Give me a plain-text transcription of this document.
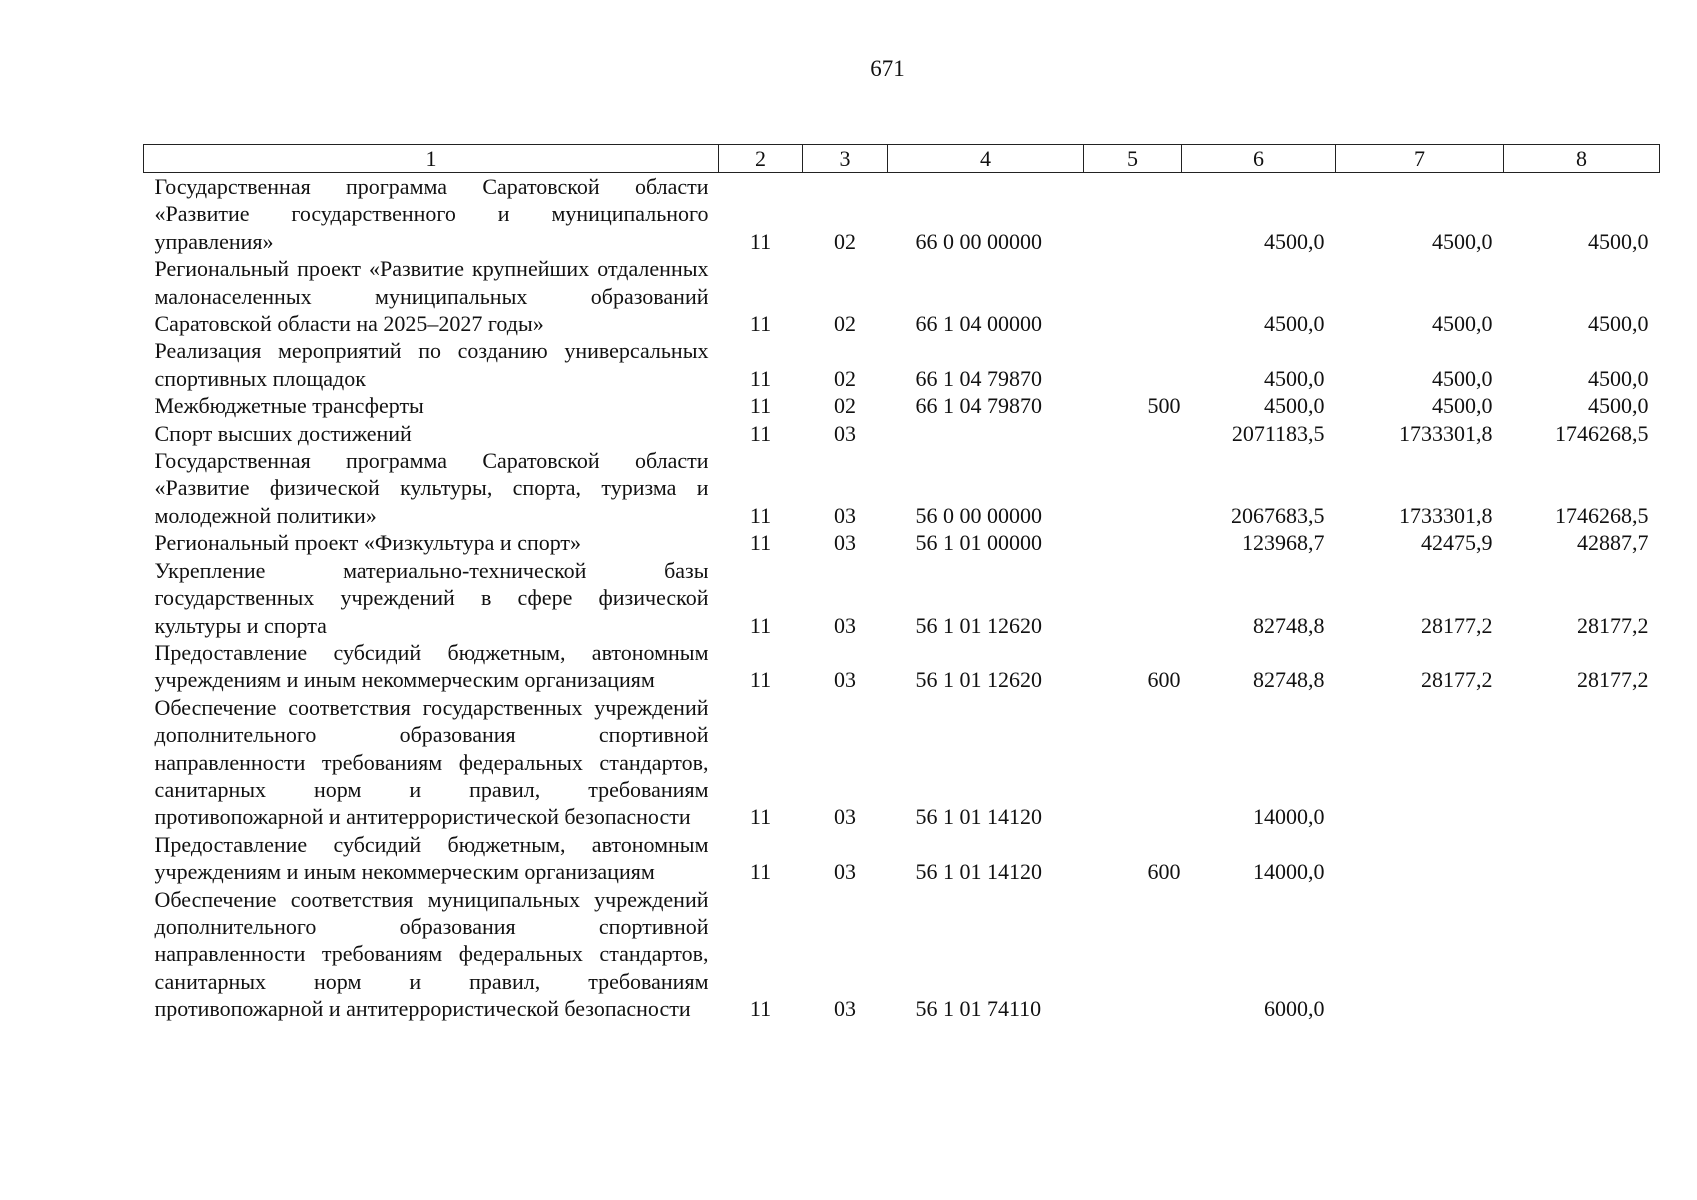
671
1	2	3	4	5	6	7	8
Государственная программа Саратовской области «Развитие государственного и муниципального управления»	11	02	66 0 00 00000		4500,0	4500,0	4500,0
Региональный проект «Развитие крупнейших отдаленных малонаселенных муниципальных образований Саратовской области на 2025–2027 годы»	11	02	66 1 04 00000		4500,0	4500,0	4500,0
Реализация мероприятий по созданию универсальных спортивных площадок	11	02	66 1 04 79870		4500,0	4500,0	4500,0
Межбюджетные трансферты	11	02	66 1 04 79870	500	4500,0	4500,0	4500,0
Спорт высших достижений	11	03			2071183,5	1733301,8	1746268,5
Государственная программа Саратовской области «Развитие физической культуры, спорта, туризма и молодежной политики»	11	03	56 0 00 00000		2067683,5	1733301,8	1746268,5
Региональный проект «Физкультура и спорт»	11	03	56 1 01 00000		123968,7	42475,9	42887,7
Укрепление материально-технической базы государственных учреждений в сфере физической культуры и спорта	11	03	56 1 01 12620		82748,8	28177,2	28177,2
Предоставление субсидий бюджетным, автономным учреждениям и иным некоммерческим организациям	11	03	56 1 01 12620	600	82748,8	28177,2	28177,2
Обеспечение соответствия государственных учреждений дополнительного образования спортивной направленности требованиям федеральных стандартов, санитарных норм и правил, требованиям противопожарной и антитеррористической безопасности	11	03	56 1 01 14120		14000,0		
Предоставление субсидий бюджетным, автономным учреждениям и иным некоммерческим организациям	11	03	56 1 01 14120	600	14000,0		
Обеспечение соответствия муниципальных учреждений дополнительного образования спортивной направленности требованиям федеральных стандартов, санитарных норм и правил, требованиям противопожарной и антитеррористической безопасности	11	03	56 1 01 74110		6000,0		
